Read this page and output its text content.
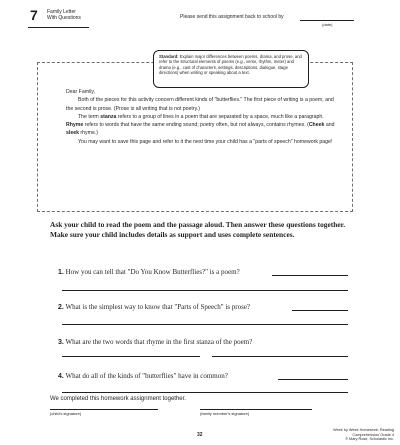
7 Family Letter
With Questions	Please send this assignment back to school by
(date)
Standard: Explain major differences between poems, drama, and prose, and refer to the structural elements of poems (e.g., verse, rhythm, meter) and drama (e.g., cast of characters, settings, descriptions, dialogue, stage directions) when writing or speaking about a text.

Dear Family,

Both of the pieces for this activity concern different kinds of "butterflies." The first piece of writing is a poem, and the second is prose. (Prose is all writing that is not poetry.)

The term stanza refers to a group of lines in a poem that are separated by a space, much like a paragraph. Rhyme refers to words that have the same ending sound; poetry often, but not always, contains rhymes. (Cheek and sleek rhyme.)

You may want to save this page and refer to it the next time your child has a "parts of speech" homework page!

Ask your child to read the poem and the passage aloud. Then answer these questions together. Make sure your child includes details as support and uses complete sentences.
1. How you can tell that "Do You Know Butterflies?" is a poem?
2. What is the simplest way to know that "Parts of Speech" is prose?
3. What are the two words that rhyme in the first stanza of the poem?
4. What do all of the kinds of "butterflies" have in common?
We completed this homework assignment together.
(child's signature)	(family member's signature)
32
Week by Week Homework: Reading Comprehension Grade 4
© Mary Rose, Scholastic Inc.
